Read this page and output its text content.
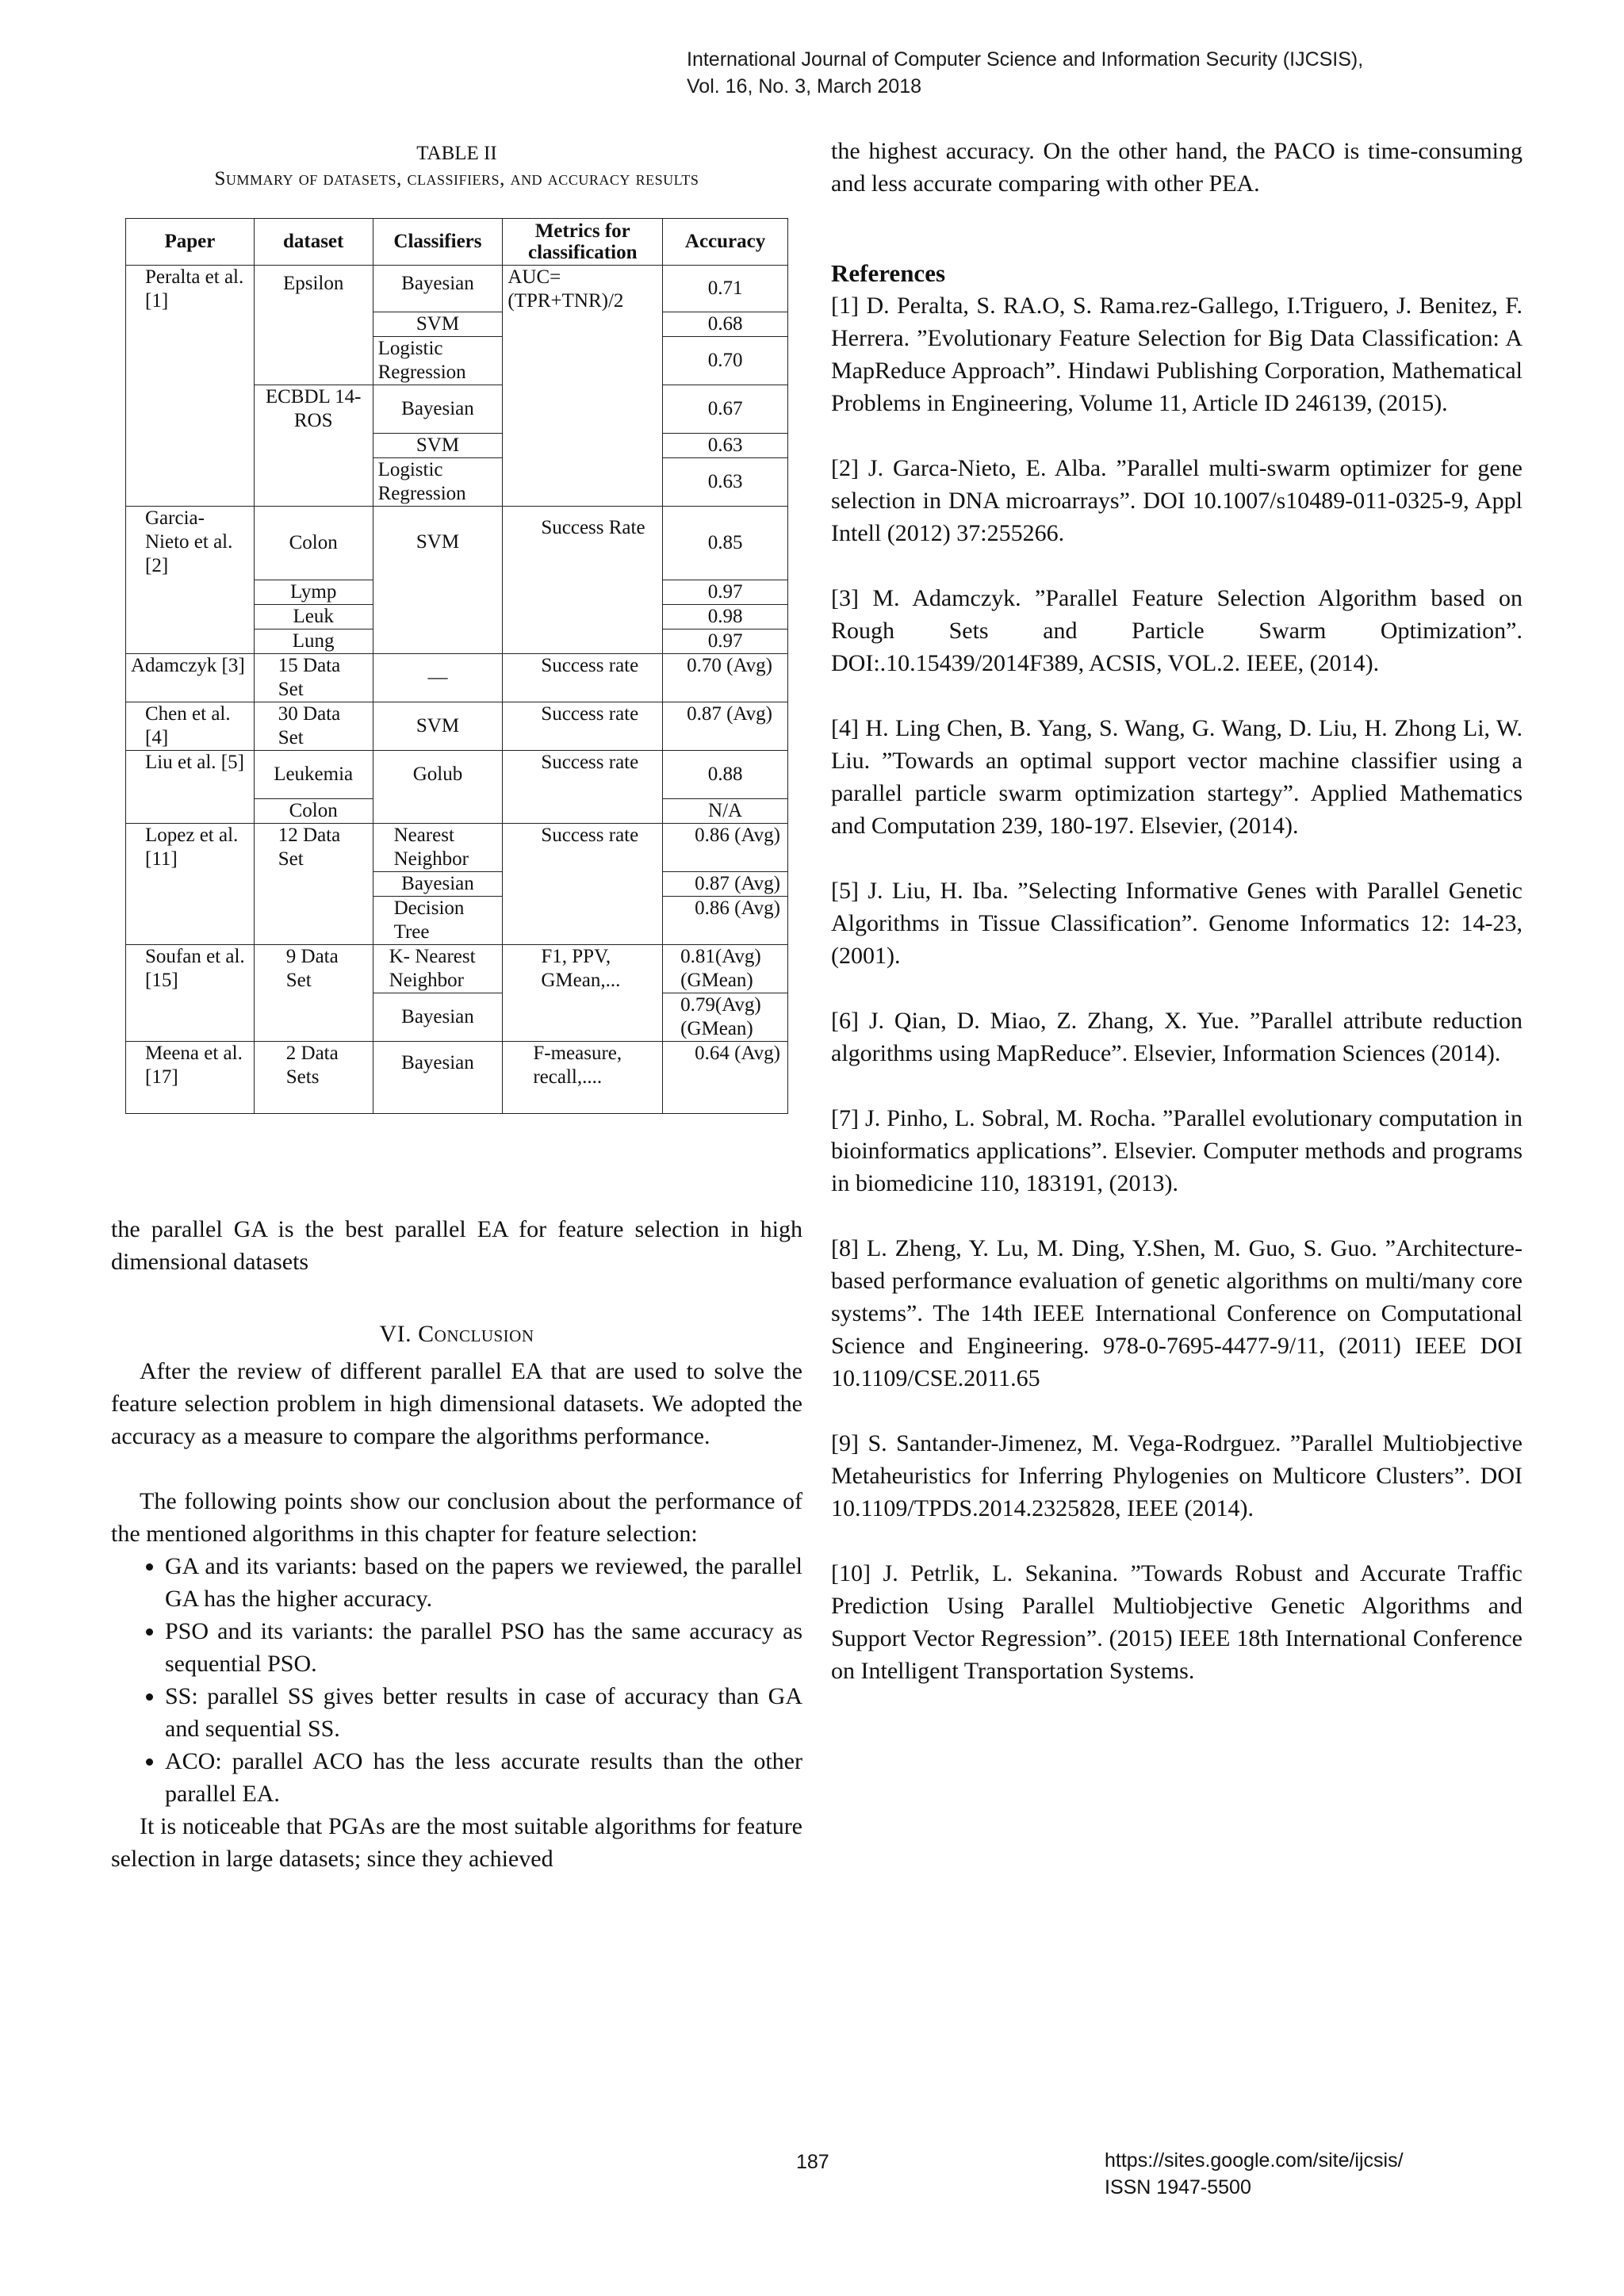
International Journal of Computer Science and Information Security (IJCSIS),
Vol. 16, No. 3, March 2018
TABLE II
Summary of datasets, classifiers, and accuracy results
Paper	dataset	Classifiers	Metrics for classification	Accuracy
Peralta et al. [1]	Epsilon	Bayesian	AUC= (TPR+TNR)/2	0.71
		SVM		0.68
		Logistic Regression		0.70
	ECBDL 14-ROS	Bayesian		0.67
		SVM		0.63
		Logistic Regression		0.63
Garcia- Nieto et al. [2]	Colon	SVM	Success Rate	0.85
	Lymp			0.97
	Leuk			0.98
	Lung			0.97
Adamczyk [3]	15 Data Set	—	Success rate	0.70 (Avg)
Chen et al. [4]	30 Data Set	SVM	Success rate	0.87 (Avg)
Liu et al. [5]	Leukemia	Golub	Success rate	0.88
	Colon			N/A
Lopez et al. [11]	12 Data Set	Nearest Neighbor	Success rate	0.86 (Avg)
		Bayesian		0.87 (Avg)
		Decision Tree		0.86 (Avg)
Soufan et al. [15]	9 Data Set	K- Nearest Neighbor	F1, PPV, GMean,...	0.81(Avg) (GMean)
		Bayesian		0.79(Avg) (GMean)
Meena et al. [17]	2 Data Sets	Bayesian	F-measure, recall,....	0.64 (Avg)

the parallel GA is the best parallel EA for feature selection in high dimensional datasets

VI. Conclusion

After the review of different parallel EA that are used to solve the feature selection problem in high dimensional datasets. We adopted the accuracy as a measure to compare the algorithms performance.

The following points show our conclusion about the performance of the mentioned algorithms in this chapter for feature selection:

• GA and its variants: based on the papers we reviewed, the parallel GA has the higher accuracy.
• PSO and its variants: the parallel PSO has the same accuracy as sequential PSO.
• SS: parallel SS gives better results in case of accuracy than GA and sequential SS.
• ACO: parallel ACO has the less accurate results than the other parallel EA.

It is noticeable that PGAs are the most suitable algorithms for feature selection in large datasets; since they achieved

the highest accuracy. On the other hand, the PACO is time-consuming and less accurate comparing with other PEA.

References

[1] D. Peralta, S. RA.O, S. Rama.rez-Gallego, I.Triguero, J. Benitez, F. Herrera. ”Evolutionary Feature Selection for Big Data Classification: A MapReduce Approach”. Hindawi Publishing Corporation, Mathematical Problems in Engineering, Volume 11, Article ID 246139, (2015).

[2] J. Garca-Nieto, E. Alba. ”Parallel multi-swarm optimizer for gene selection in DNA microarrays”. DOI 10.1007/s10489-011-0325-9, Appl Intell (2012) 37:255266.

[3] M. Adamczyk. ”Parallel Feature Selection Algorithm based on Rough Sets and Particle Swarm Optimization”. DOI:.10.15439/2014F389, ACSIS, VOL.2. IEEE, (2014).

[4] H. Ling Chen, B. Yang, S. Wang, G. Wang, D. Liu, H. Zhong Li, W. Liu. ”Towards an optimal support vector machine classifier using a parallel particle swarm optimization startegy”. Applied Mathematics and Computation 239, 180-197. Elsevier, (2014).

[5] J. Liu, H. Iba. ”Selecting Informative Genes with Parallel Genetic Algorithms in Tissue Classification”. Genome Informatics 12: 14-23, (2001).

[6] J. Qian, D. Miao, Z. Zhang, X. Yue. ”Parallel attribute reduction algorithms using MapReduce”. Elsevier, Information Sciences (2014).

[7] J. Pinho, L. Sobral, M. Rocha. ”Parallel evolutionary computation in bioinformatics applications”. Elsevier. Computer methods and programs in biomedicine 110, 183191, (2013).

[8] L. Zheng, Y. Lu, M. Ding, Y.Shen, M. Guo, S. Guo. ”Architecture-based performance evaluation of genetic algorithms on multi/many core systems”. The 14th IEEE International Conference on Computational Science and Engineering. 978-0-7695-4477-9/11, (2011) IEEE DOI 10.1109/CSE.2011.65

[9] S. Santander-Jimenez, M. Vega-Rodrguez. ”Parallel Multiobjective Metaheuristics for Inferring Phylogenies on Multicore Clusters”. DOI 10.1109/TPDS.2014.2325828, IEEE (2014).

[10] J. Petrlik, L. Sekanina. ”Towards Robust and Accurate Traffic Prediction Using Parallel Multiobjective Genetic Algorithms and Support Vector Regression”. (2015) IEEE 18th International Conference on Intelligent Transportation Systems.

187	https://sites.google.com/site/ijcsis/
ISSN 1947-5500
